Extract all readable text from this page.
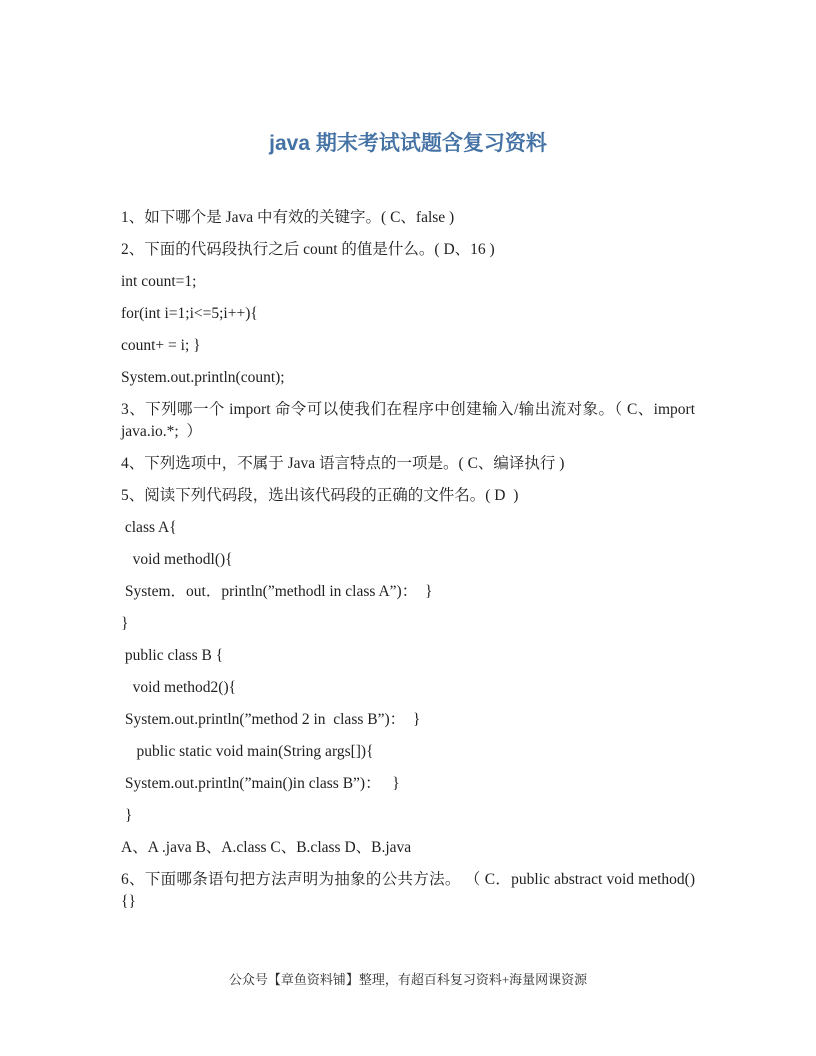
java 期末考试试题含复习资料

1、如下哪个是 Java 中有效的关键字。( C、false )

2、下面的代码段执行之后 count 的值是什么。( D、16 )

int count=1;

for(int i=1;i<=5;i++){

count+ = i; }

System.out.println(count);

3、下列哪一个 import 命令可以使我们在程序中创建输入/输出流对象。（ C、import java.io.*;  ）

4、下列选项中，不属于 Java 语言特点的一项是。( C、编译执行 )

5、阅读下列代码段，选出该代码段的正确的文件名。( D  )

class A{

void methodl(){

System．out．println(”methodl in class A”)：  }

}

public class B {

void method2(){

System.out.println(”method 2 in  class B”)：  }

public static void main(String args[]){

System.out.println(”main()in class B”)：   }

}

A、A .java B、A.class C、B.class D、B.java

6、下面哪条语句把方法声明为抽象的公共方法。 （ C．public abstract void method(){}

公众号【章鱼资料铺】整理，有超百科复习资料+海量网课资源
